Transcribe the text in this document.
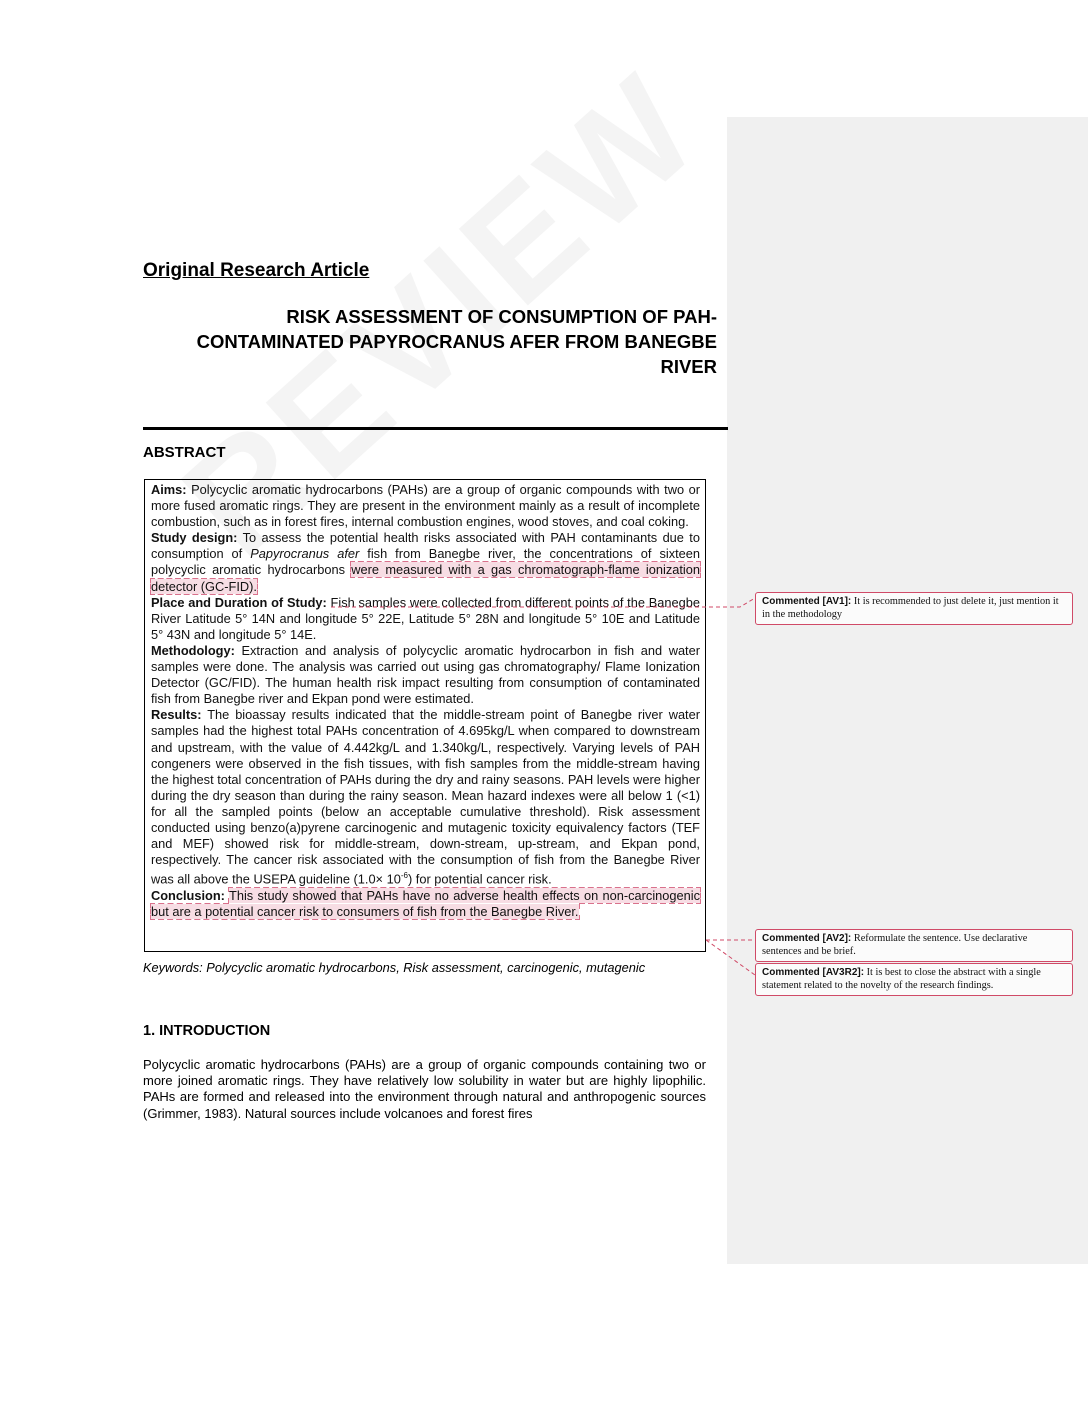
Original Research Article
RISK ASSESSMENT OF CONSUMPTION OF PAH-
CONTAMINATED PAPYROCRANUS AFER FROM BANEGBE
RIVER
ABSTRACT

Aims: Polycyclic aromatic hydrocarbons (PAHs) are a group of organic compounds with two or more fused aromatic rings. They are present in the environment mainly as a result of incomplete combustion, such as in forest fires, internal combustion engines, wood stoves, and coal coking.

Study design: To assess the potential health risks associated with PAH contaminants due to consumption of Papyrocranus afer fish from Banegbe river, the concentrations of sixteen polycyclic aromatic hydrocarbons were measured with a gas chromatograph-flame ionization detector (GC-FID).

Place and Duration of Study: Fish samples were collected from different points of the Banegbe River Latitude 5° 14N and longitude 5° 22E, Latitude 5° 28N and longitude 5° 10E and Latitude 5° 43N and longitude 5° 14E.

Methodology: Extraction and analysis of polycyclic aromatic hydrocarbon in fish and water samples were done. The analysis was carried out using gas chromatography/ Flame Ionization Detector (GC/FID). The human health risk impact resulting from consumption of contaminated fish from Banegbe river and Ekpan pond were estimated.

Results: The bioassay results indicated that the middle-stream point of Banegbe river water samples had the highest total PAHs concentration of 4.695kg/L when compared to downstream and upstream, with the value of 4.442kg/L and 1.340kg/L, respectively. Varying levels of PAH congeners were observed in the fish tissues, with fish samples from the middle-stream having the highest total concentration of PAHs during the dry and rainy seasons. PAH levels were higher during the dry season than during the rainy season. Mean hazard indexes were all below 1 (<1) for all the sampled points (below an acceptable cumulative threshold). Risk assessment conducted using benzo(a)pyrene carcinogenic and mutagenic toxicity equivalency factors (TEF and MEF) showed risk for middle-stream, down-stream, up-stream, and Ekpan pond, respectively. The cancer risk associated with the consumption of fish from the Banegbe River was all above the USEPA guideline $(1.0\times 10^{-6})$ for potential cancer risk.

Conclusion: This study showed that PAHs have no adverse health effects on non-carcinogenic but are a potential cancer risk to consumers of fish from the Banegbe River.

Keywords: Polycyclic aromatic hydrocarbons, Risk assessment, carcinogenic, mutagenic

1. INTRODUCTION

Polycyclic aromatic hydrocarbons (PAHs) are a group of organic compounds containing two or more joined aromatic rings. They have relatively low solubility in water but are highly lipophilic. PAHs are formed and released into the environment through natural and anthropogenic sources (Grimmer, 1983). Natural sources include volcanoes and forest fires

Commented [AV1]: It is recommended to just delete it, just mention it in the methodology
Commented [AV2]: Reformulate the sentence. Use declarative sentences and be brief.
Commented [AV3R2]: It is best to close the abstract with a single statement related to the novelty of the research findings.
